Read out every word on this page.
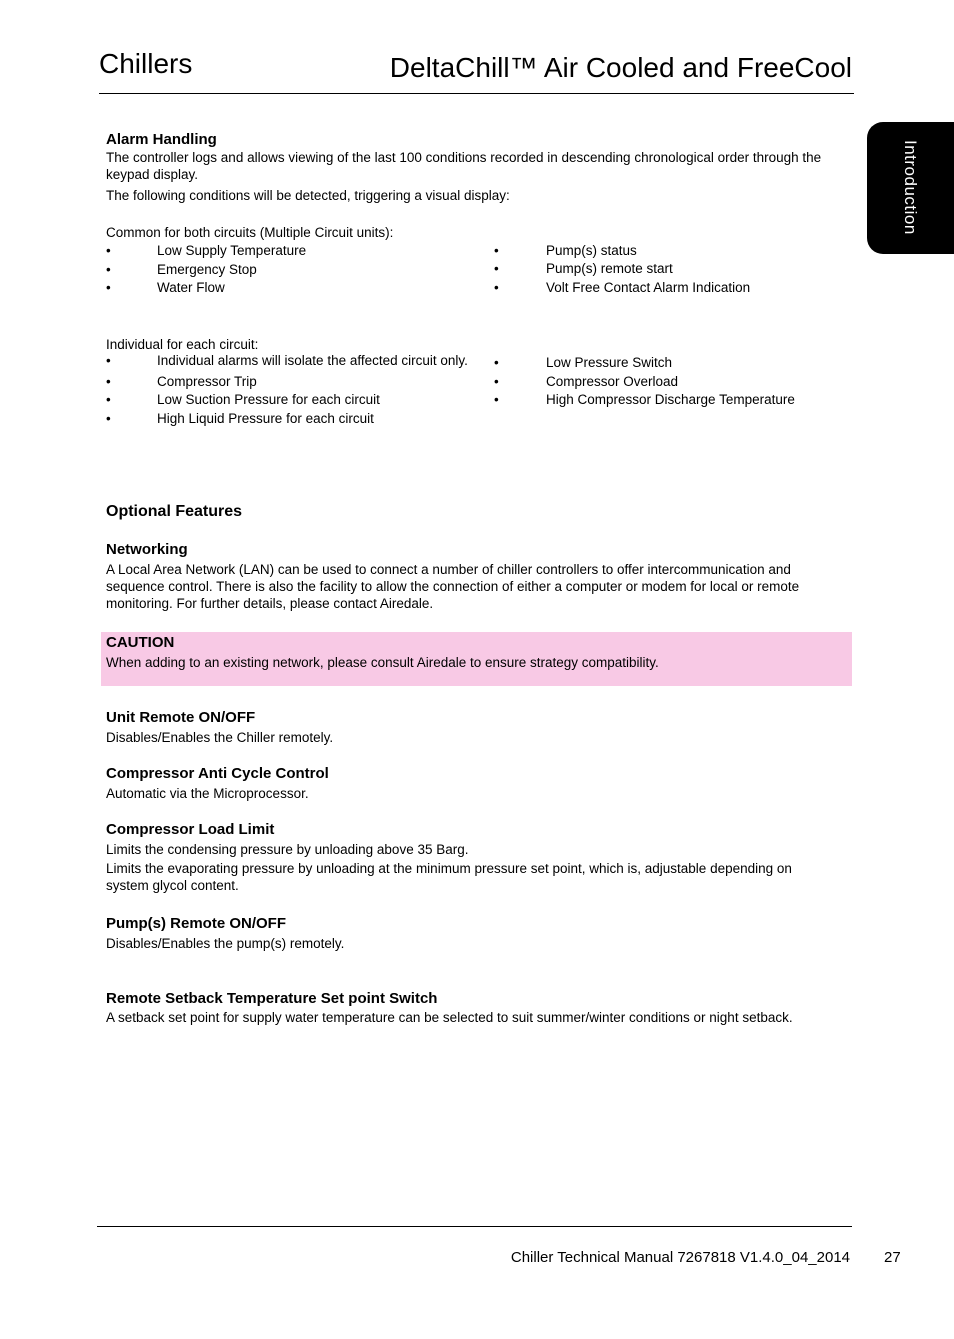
Chillers	DeltaChill™ Air Cooled and FreeCool
Introduction
Alarm Handling
The controller logs and allows viewing of the last 100 conditions recorded in descending chronological order through the keypad display.
The following conditions will be detected, triggering a visual display:
Common for both circuits (Multiple Circuit units):
•	Low Supply Temperature
•	Emergency Stop
•	Water Flow
•	Pump(s) status
•	Pump(s) remote start
•	Volt Free Contact Alarm Indication
Individual for each circuit:
•	Individual alarms will isolate the affected circuit only.
•	Compressor Trip
•	Low Suction Pressure for each circuit
•	High Liquid Pressure for each circuit
•	Low Pressure Switch
•	Compressor Overload
•	High Compressor Discharge Temperature
Optional Features
Networking
A Local Area Network (LAN) can be used to connect a number of chiller controllers to offer intercommunication and sequence control. There is also the facility to allow the connection of either a computer or modem for local or remote monitoring. For further details, please contact Airedale.
CAUTION
When adding to an existing network, please consult Airedale to ensure strategy compatibility.
Unit Remote ON/OFF
Disables/Enables the Chiller remotely.
Compressor Anti Cycle Control
Automatic via the Microprocessor.
Compressor Load Limit
Limits the condensing pressure by unloading above 35 Barg.
Limits the evaporating pressure by unloading at the minimum pressure set point, which is, adjustable depending on system glycol content.
Pump(s) Remote ON/OFF
Disables/Enables the pump(s) remotely.
Remote Setback Temperature Set point Switch
A setback set point for supply water temperature can be selected to suit summer/winter conditions or night setback.
Chiller Technical Manual 7267818 V1.4.0_04_2014 27
